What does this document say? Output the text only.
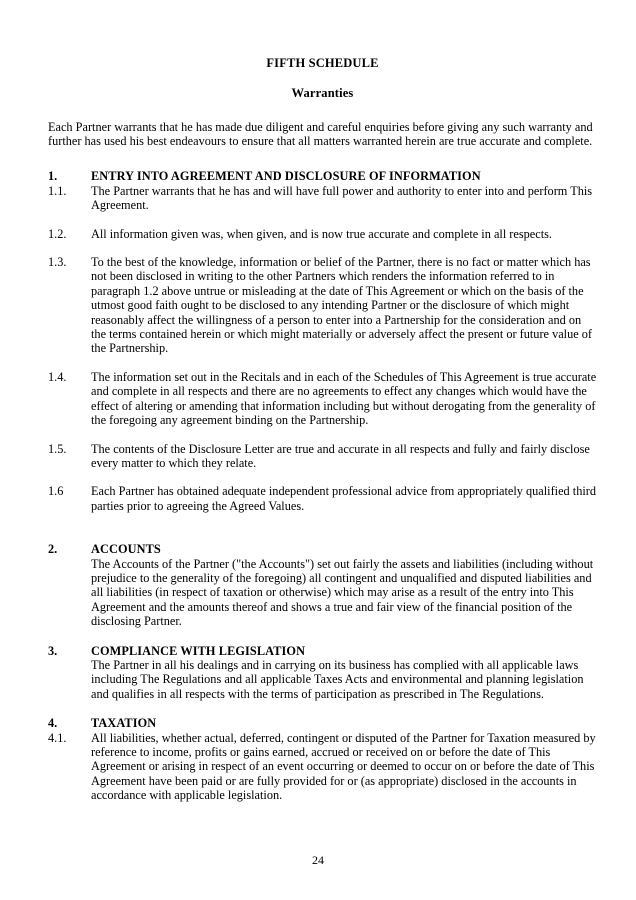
FIFTH SCHEDULE
Warranties

Each Partner warrants that he has made due diligent and careful enquiries before giving any such warranty and further has used his best endeavours to ensure that all matters warranted herein are true accurate and complete.

1.	ENTRY INTO AGREEMENT AND DISCLOSURE OF INFORMATION
1.1.	The Partner warrants that he has and will have full power and authority to enter into and perform This Agreement.
1.2.	All information given was, when given, and is now true accurate and complete in all respects.
1.3.	To the best of the knowledge, information or belief of the Partner, there is no fact or matter which has not been disclosed in writing to the other Partners which renders the information referred to in paragraph 1.2 above untrue or misleading at the date of This Agreement or which on the basis of the utmost good faith ought to be disclosed to any intending Partner or the disclosure of which might reasonably affect the willingness of a person to enter into a Partnership for the consideration and on the terms contained herein or which might materially or adversely affect the present or future value of the Partnership.
1.4.	The information set out in the Recitals and in each of the Schedules of This Agreement is true accurate and complete in all respects and there are no agreements to effect any changes which would have the effect of altering or amending that information including but without derogating from the generality of the foregoing any agreement binding on the Partnership.
1.5.	The contents of the Disclosure Letter are true and accurate in all respects and fully and fairly disclose every matter to which they relate.
1.6	Each Partner has obtained adequate independent professional advice from appropriately qualified third parties prior to agreeing the Agreed Values.
2.	ACCOUNTS
The Accounts of the Partner ("the Accounts") set out fairly the assets and liabilities (including without prejudice to the generality of the foregoing) all contingent and unqualified and disputed liabilities and all liabilities (in respect of taxation or otherwise) which may arise as a result of the entry into This Agreement and the amounts thereof and shows a true and fair view of the financial position of the disclosing Partner.
3.	COMPLIANCE WITH LEGISLATION
The Partner in all his dealings and in carrying on its business has complied with all applicable laws including The Regulations and all applicable Taxes Acts and environmental and planning legislation and qualifies in all respects with the terms of participation as prescribed in The Regulations.
4.	TAXATION
4.1.	All liabilities, whether actual, deferred, contingent or disputed of the Partner for Taxation measured by reference to income, profits or gains earned, accrued or received on or before the date of This Agreement or arising in respect of an event occurring or deemed to occur on or before the date of This Agreement have been paid or are fully provided for or (as appropriate) disclosed in the accounts in accordance with applicable legislation.
24
